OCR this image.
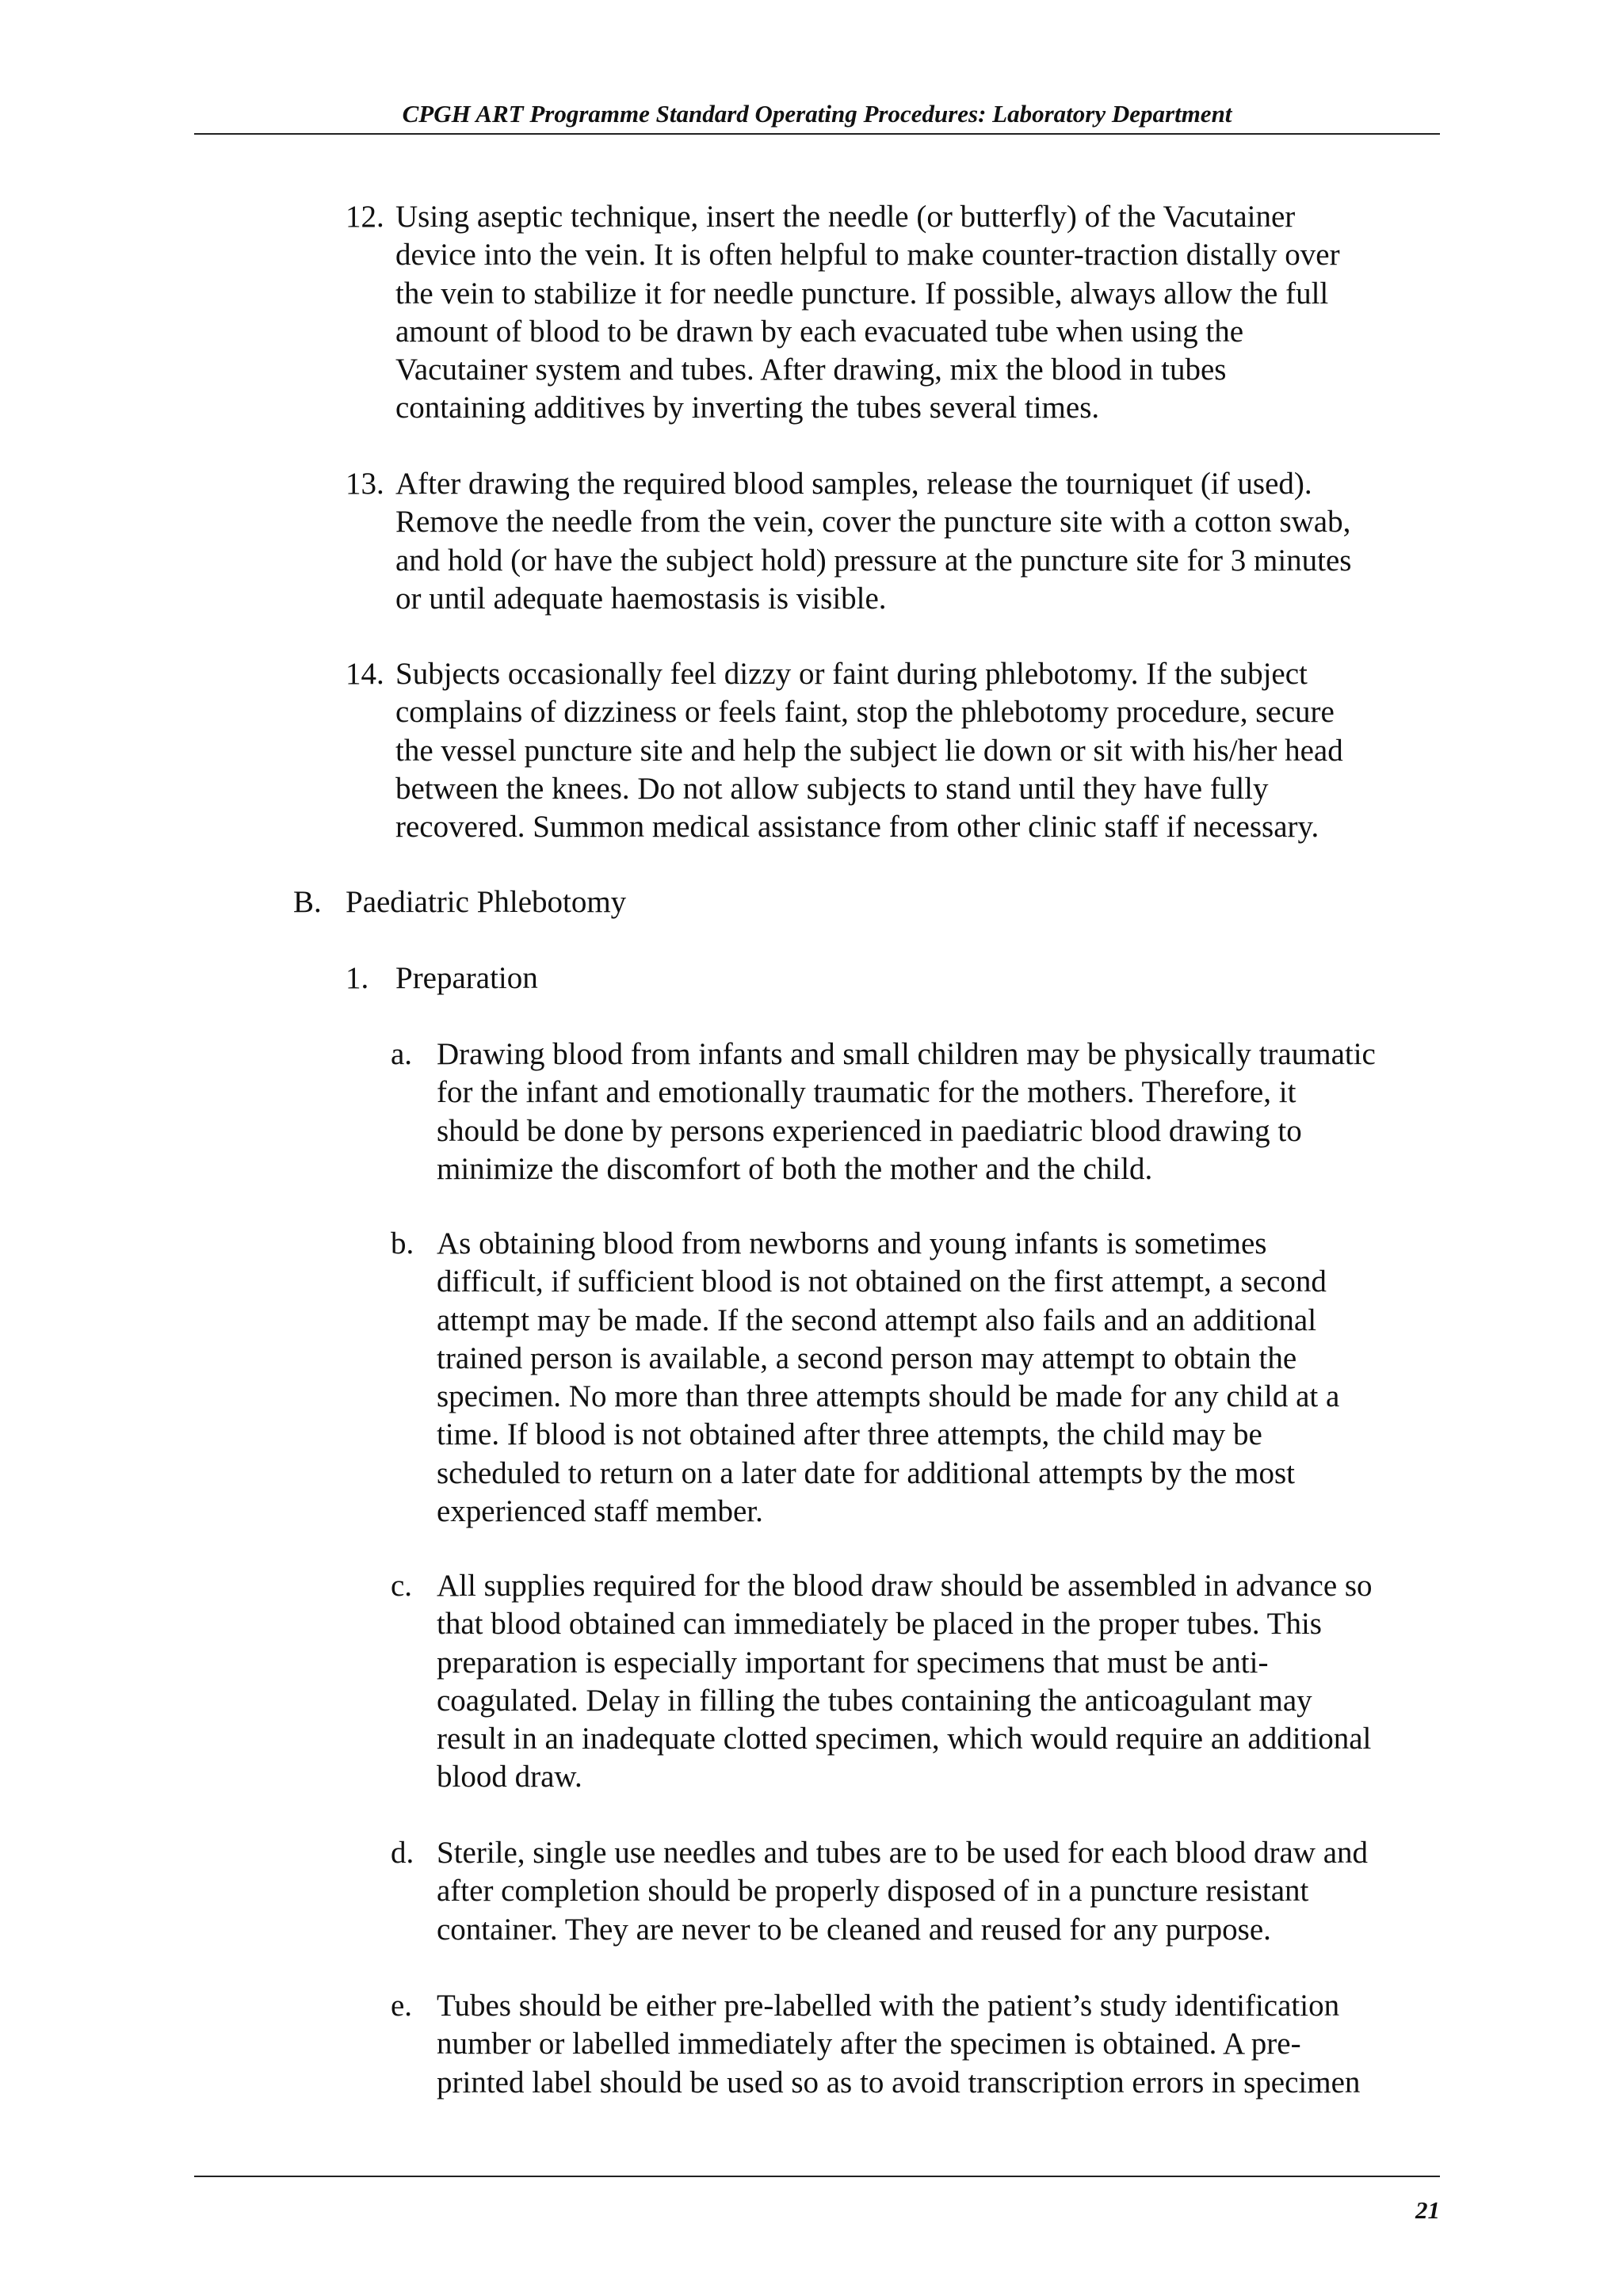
CPGH ART Programme Standard Operating Procedures: Laboratory Department
12. Using aseptic technique, insert the needle (or butterfly) of the Vacutainer
device into the vein. It is often helpful to make counter-traction distally over
the vein to stabilize it for needle puncture. If possible, always allow the full
amount of blood to be drawn by each evacuated tube when using the
Vacutainer system and tubes. After drawing, mix the blood in tubes
containing additives by inverting the tubes several times.
13. After drawing the required blood samples, release the tourniquet (if used).
Remove the needle from the vein, cover the puncture site with a cotton swab,
and hold (or have the subject hold) pressure at the puncture site for 3 minutes
or until adequate haemostasis is visible.
14. Subjects occasionally feel dizzy or faint during phlebotomy. If the subject
complains of dizziness or feels faint, stop the phlebotomy procedure, secure
the vessel puncture site and help the subject lie down or sit with his/her head
between the knees. Do not allow subjects to stand until they have fully
recovered. Summon medical assistance from other clinic staff if necessary.
B. Paediatric Phlebotomy
1. Preparation
a. Drawing blood from infants and small children may be physically traumatic
for the infant and emotionally traumatic for the mothers. Therefore, it
should be done by persons experienced in paediatric blood drawing to
minimize the discomfort of both the mother and the child.
b. As obtaining blood from newborns and young infants is sometimes
difficult, if sufficient blood is not obtained on the first attempt, a second
attempt may be made. If the second attempt also fails and an additional
trained person is available, a second person may attempt to obtain the
specimen. No more than three attempts should be made for any child at a
time. If blood is not obtained after three attempts, the child may be
scheduled to return on a later date for additional attempts by the most
experienced staff member.
c. All supplies required for the blood draw should be assembled in advance so
that blood obtained can immediately be placed in the proper tubes. This
preparation is especially important for specimens that must be anti-
coagulated. Delay in filling the tubes containing the anticoagulant may
result in an inadequate clotted specimen, which would require an additional
blood draw.
d. Sterile, single use needles and tubes are to be used for each blood draw and
after completion should be properly disposed of in a puncture resistant
container. They are never to be cleaned and reused for any purpose.
e. Tubes should be either pre-labelled with the patient’s study identification
number or labelled immediately after the specimen is obtained. A pre-
printed label should be used so as to avoid transcription errors in specimen
21
